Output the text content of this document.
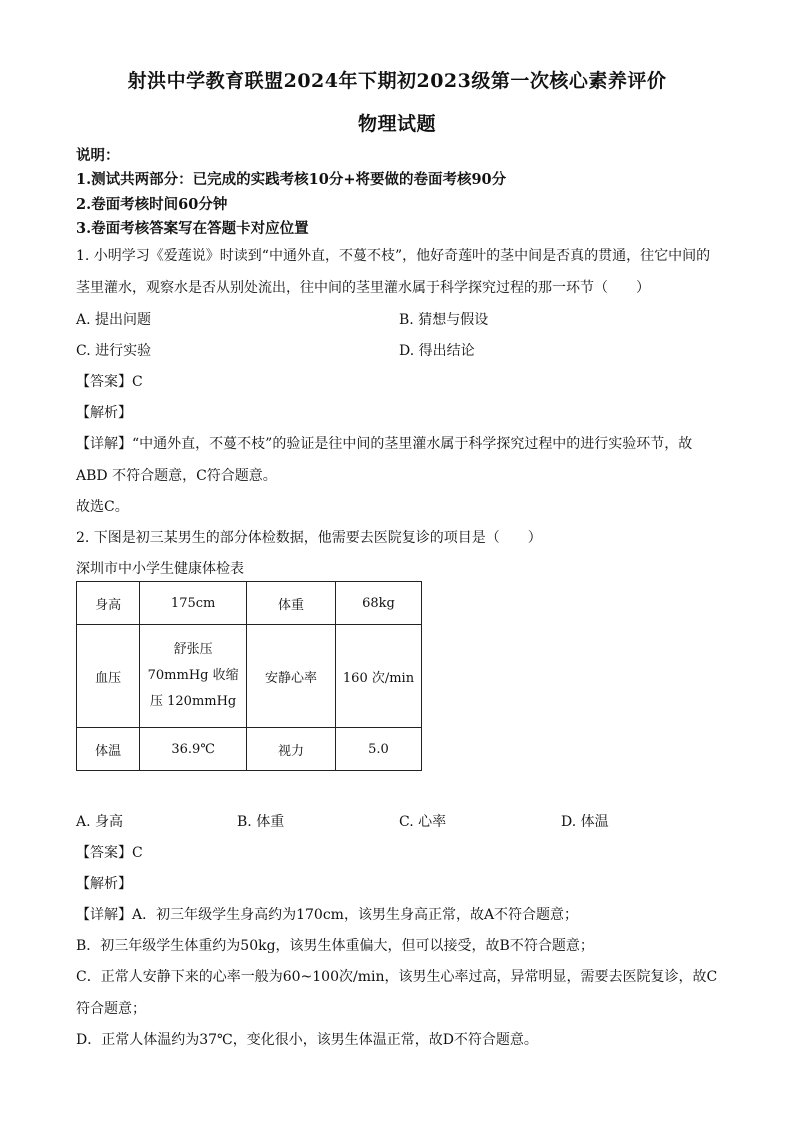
射洪中学教育联盟2024年下期初2023级第一次核心素养评价
物理试题
说明：
1.测试共两部分：已完成的实践考核10分+将要做的卷面考核90分
2.卷面考核时间60分钟
3.卷面考核答案写在答题卡对应位置
1. 小明学习《爱莲说》时读到“中通外直，不蔓不枝”，他好奇莲叶的茎中间是否真的贯通，往它中间的
茎里灌水，观察水是否从别处流出，往中间的茎里灌水属于科学探究过程的那一环节（　　）
A. 提出问题	B. 猜想与假设
C. 进行实验	D. 得出结论
【答案】C
【解析】
【详解】“中通外直，不蔓不枝”的验证是往中间的茎里灌水属于科学探究过程中的进行实验环节，故
ABD 不符合题意，C符合题意。
故选C。
2. 下图是初三某男生的部分体检数据，他需要去医院复诊的项目是（　　）
深圳市中小学生健康体检表
身高	175cm	体重	68kg
血压	舒张压
70mmHg 收缩
压 120mmHg	安静心率	160 次/min
体温	36.9℃	视力	5.0
A. 身高	B. 体重	C. 心率	D. 体温
【答案】C
【解析】
【详解】A．初三年级学生身高约为170cm，该男生身高正常，故A不符合题意；
B．初三年级学生体重约为50kg，该男生体重偏大，但可以接受，故B不符合题意；
C．正常人安静下来的心率一般为60~100次/min，该男生心率过高，异常明显，需要去医院复诊，故C
符合题意；
D．正常人体温约为37℃，变化很小，该男生体温正常，故D不符合题意。
